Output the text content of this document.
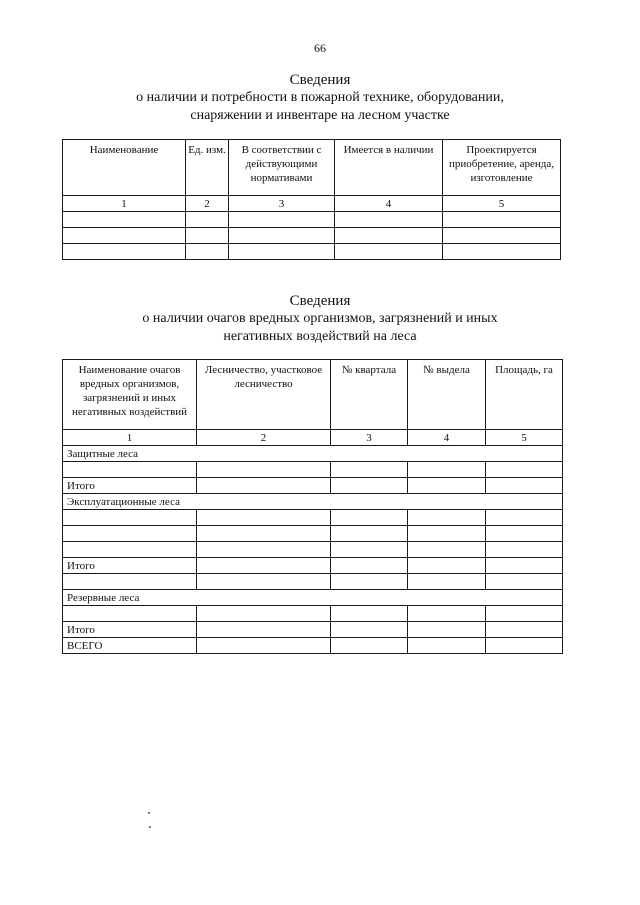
66
Сведения
о наличии и потребности в пожарной технике, оборудовании,
снаряжении и инвентаре на лесном участке
Наименование	Ед. изм.	В соответствии с действующими нормативами	Имеется в наличии	Проектируется приобретение, аренда, изготовление
1	2	3	4	5

Сведения
о наличии очагов вредных организмов, загрязнений и иных
негативных воздействий на леса
Наименование очагов вредных организмов, загрязнений и иных негативных воздействий	Лесничество, участковое лесничество	№ квартала	№ выдела	Площадь, га
1	2	3	4	5
Защитные леса				

Итого				
Эксплуатационные леса				

Итого				

Резервные леса				

Итого				
ВСЕГО				
